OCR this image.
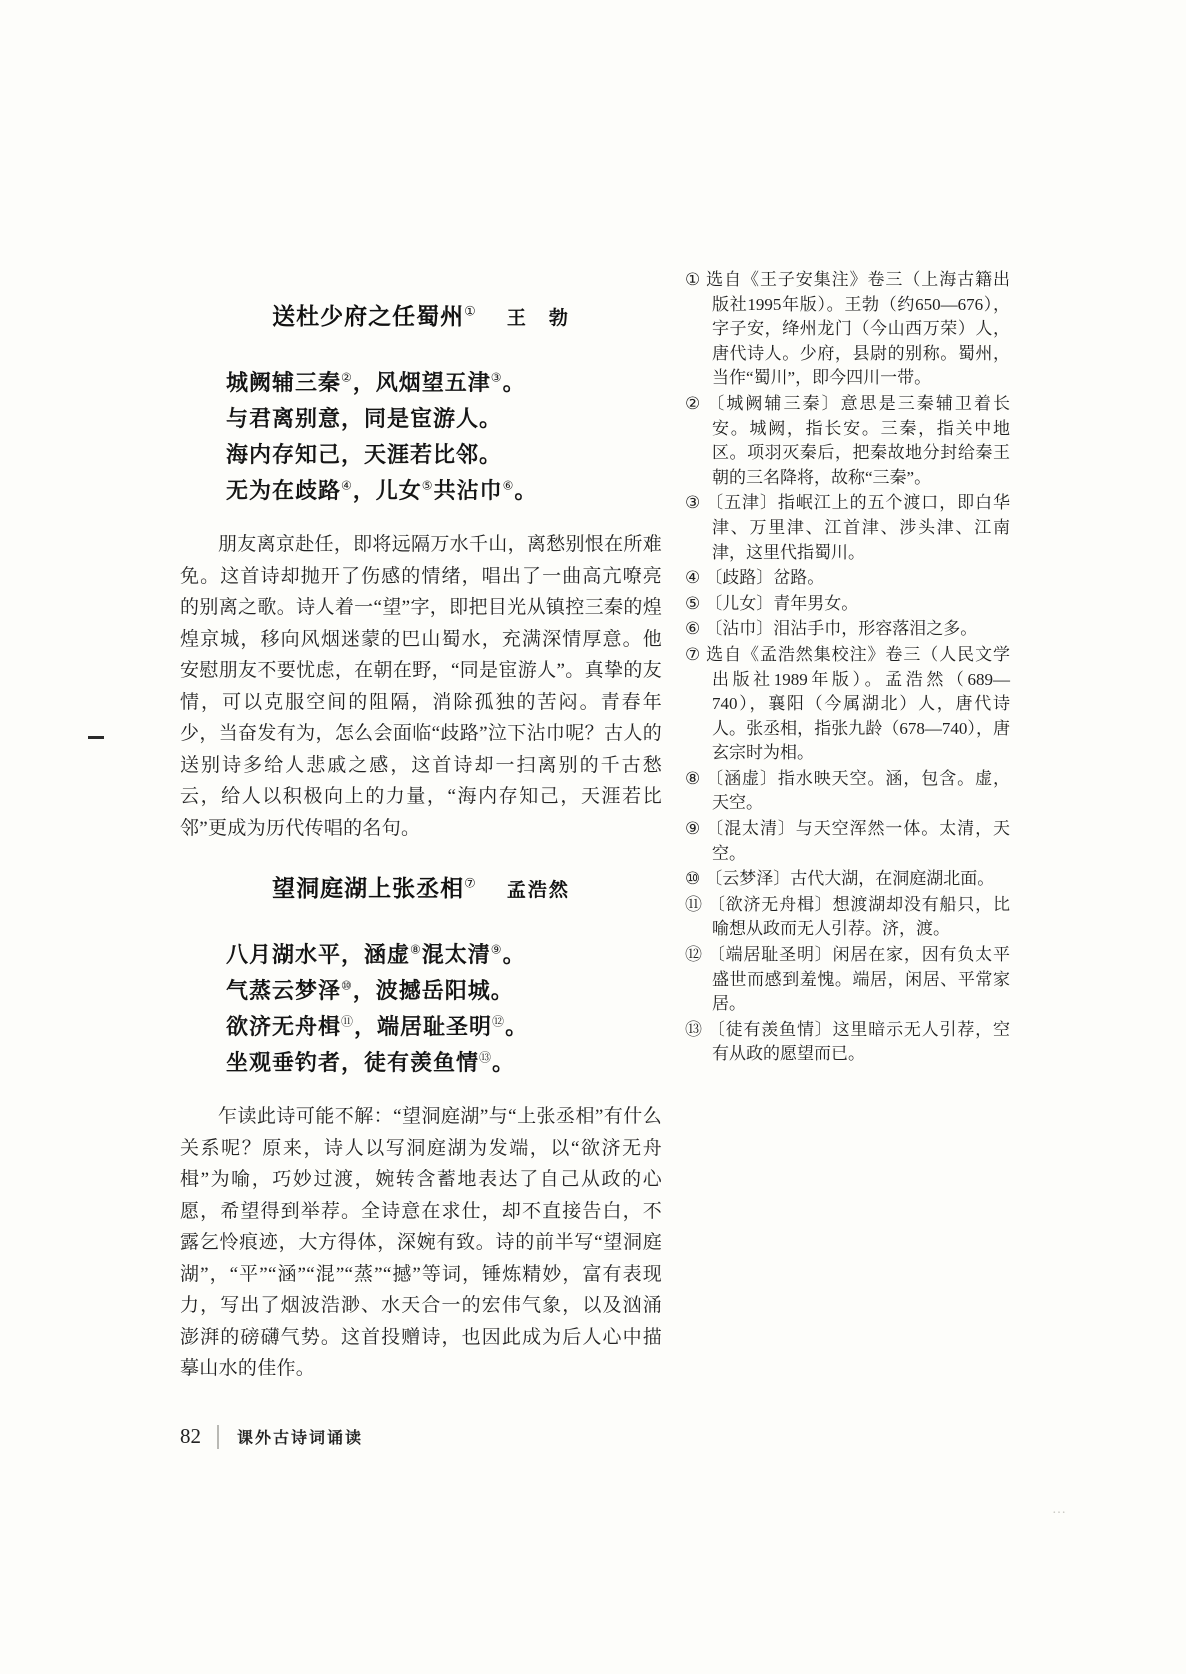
送杜少府之任蜀州① 王　勃
城阙辅三秦②，风烟望五津③。
与君离别意，同是宦游人。
海内存知己，天涯若比邻。
无为在歧路④，儿女⑤共沾巾⑥。

朋友离京赴任，即将远隔万水千山，离愁别恨在所难免。这首诗却抛开了伤感的情绪，唱出了一曲高亢嘹亮的别离之歌。诗人着一“望”字，即把目光从镇控三秦的煌煌京城，移向风烟迷蒙的巴山蜀水，充满深情厚意。他安慰朋友不要忧虑，在朝在野，“同是宦游人”。真挚的友情，可以克服空间的阻隔，消除孤独的苦闷。青春年少，当奋发有为，怎么会面临“歧路”泣下沾巾呢？古人的送别诗多给人悲戚之感，这首诗却一扫离别的千古愁云，给人以积极向上的力量，“海内存知己，天涯若比邻”更成为历代传唱的名句。

望洞庭湖上张丞相⑦ 孟浩然
八月湖水平，涵虚⑧混太清⑨。
气蒸云梦泽⑩，波撼岳阳城。
欲济无舟楫⑪，端居耻圣明⑫。
坐观垂钓者，徒有羡鱼情⑬。

乍读此诗可能不解：“望洞庭湖”与“上张丞相”有什么关系呢？原来，诗人以写洞庭湖为发端，以“欲济无舟楫”为喻，巧妙过渡，婉转含蓄地表达了自己从政的心愿，希望得到举荐。全诗意在求仕，却不直接告白，不露乞怜痕迹，大方得体，深婉有致。诗的前半写“望洞庭湖”，“平”“涵”“混”“蒸”“撼”等词，锤炼精妙，富有表现力，写出了烟波浩渺、水天合一的宏伟气象，以及汹涌澎湃的磅礴气势。这首投赠诗，也因此成为后人心中描摹山水的佳作。

① 选自《王子安集注》卷三（上海古籍出版社1995年版）。王勃（约650—676），字子安，绛州龙门（今山西万荣）人，唐代诗人。少府，县尉的别称。蜀州，当作“蜀川”，即今四川一带。
② 〔城阙辅三秦〕意思是三秦辅卫着长安。城阙，指长安。三秦，指关中地区。项羽灭秦后，把秦故地分封给秦王朝的三名降将，故称“三秦”。
③ 〔五津〕指岷江上的五个渡口，即白华津、万里津、江首津、涉头津、江南津，这里代指蜀川。
④ 〔歧路〕岔路。
⑤ 〔儿女〕青年男女。
⑥ 〔沾巾〕泪沾手巾，形容落泪之多。
⑦ 选自《孟浩然集校注》卷三（人民文学出版社1989年版）。孟浩然（689—740），襄阳（今属湖北）人，唐代诗人。张丞相，指张九龄（678—740），唐玄宗时为相。
⑧ 〔涵虚〕指水映天空。涵，包含。虚，天空。
⑨ 〔混太清〕与天空浑然一体。太清，天空。
⑩ 〔云梦泽〕古代大湖，在洞庭湖北面。
⑪ 〔欲济无舟楫〕想渡湖却没有船只，比喻想从政而无人引荐。济，渡。
⑫ 〔端居耻圣明〕闲居在家，因有负太平盛世而感到羞愧。端居，闲居、平常家居。
⑬ 〔徒有羡鱼情〕这里暗示无人引荐，空有从政的愿望而已。
82 课外古诗词诵读
…
